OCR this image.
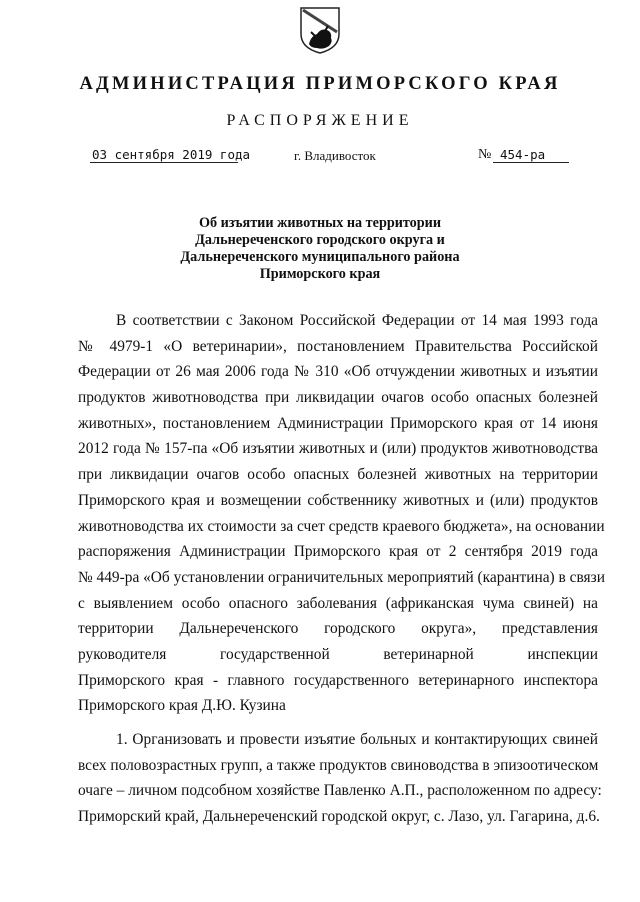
АДМИНИСТРАЦИЯ ПРИМОРСКОГО КРАЯ
РАСПОРЯЖЕНИЕ
03 сентября 2019 года	г. Владивосток	№ 454-ра
Об изъятии животных на территории
Дальнереченского городского округа и
Дальнереченского муниципального района
Приморского края
В соответствии с Законом Российской Федерации от 14 мая 1993 года
№ 4979-1 «О ветеринарии», постановлением Правительства Российской
Федерации от 26 мая 2006 года № 310 «Об отчуждении животных и изъятии
продуктов животноводства при ликвидации очагов особо опасных болезней
животных», постановлением Администрации Приморского края от 14 июня
2012 года № 157-па «Об изъятии животных и (или) продуктов животноводства
при ликвидации очагов особо опасных болезней животных на территории
Приморского края и возмещении собственнику животных и (или) продуктов
животноводства их стоимости за счет средств краевого бюджета», на основании
распоряжения Администрации Приморского края от 2 сентября 2019 года
№ 449-ра «Об установлении ограничительных мероприятий (карантина) в связи
с выявлением особо опасного заболевания (африканская чума свиней) на
территории Дальнереченского городского округа», представления
руководителя государственной ветеринарной инспекции
Приморского края - главного государственного ветеринарного инспектора
Приморского края Д.Ю. Кузина
1. Организовать и провести изъятие больных и контактирующих свиней
всех половозрастных групп, а также продуктов свиноводства в эпизоотическом
очаге – личном подсобном хозяйстве Павленко А.П., расположенном по адресу:
Приморский край, Дальнереченский городской округ, с. Лазо, ул. Гагарина, д.6.
